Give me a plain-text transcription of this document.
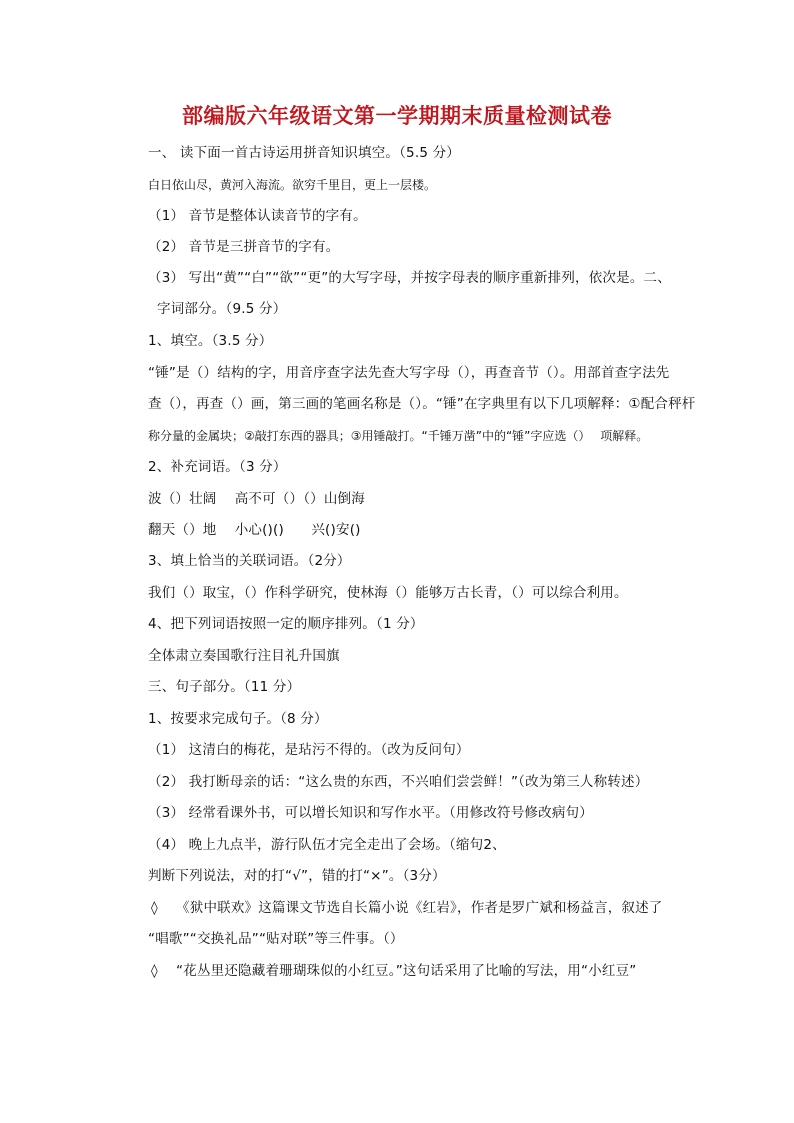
部编版六年级语文第一学期期末质量检测试卷
一、 读下面一首古诗运用拼音知识填空。（5.5 分）
白日依山尽，黄河入海流。欲穷千里目，更上一层楼。
（1） 音节是整体认读音节的字有。
（2） 音节是三拼音节的字有。
（3） 写出“黄”“白”“欲”“更”的大写字母，并按字母表的顺序重新排列，依次是。二、
字词部分。（9.5 分）
1、填空。（3.5 分）
“锤”是（）结构的字，用音序查字法先查大写字母（），再查音节（）。用部首查字法先
查（），再查（）画，第三画的笔画名称是（）。“锤”在字典里有以下几项解释：①配合秤杆
称分量的金属块；②敲打东西的器具；③用锤敲打。“千锤万凿”中的“锤”字应选（）　 项解释。
2、补充词语。（3 分）
波（）壮阔　 高不可（）（）山倒海
翻天（）地　 小心()()　　兴()安()
3、填上恰当的关联词语。（2分）
我们（）取宝，（）作科学研究，使林海（）能够万古长青，（）可以综合利用。
4、把下列词语按照一定的顺序排列。（1 分）
全体肃立奏国歌行注目礼升国旗
三、句子部分。（11 分）
1、按要求完成句子。（8 分）
（1） 这清白的梅花，是玷污不得的。（改为反问句）
（2） 我打断母亲的话：“这么贵的东西，不兴咱们尝尝鲜！”（改为第三人称转述）
（3） 经常看课外书，可以增长知识和写作水平。（用修改符号修改病句）
（4） 晚上九点半，游行队伍才完全走出了会场。（缩句2、
判断下列说法，对的打“√”，错的打“×”。（3分）
◊　 《狱中联欢》这篇课文节选自长篇小说《红岩》，作者是罗广斌和杨益言，叙述了
“唱歌”“交换礼品”“贴对联”等三件事。（）
◊　 “花丛里还隐藏着珊瑚珠似的小红豆。”这句话采用了比喻的写法，用“小红豆”
